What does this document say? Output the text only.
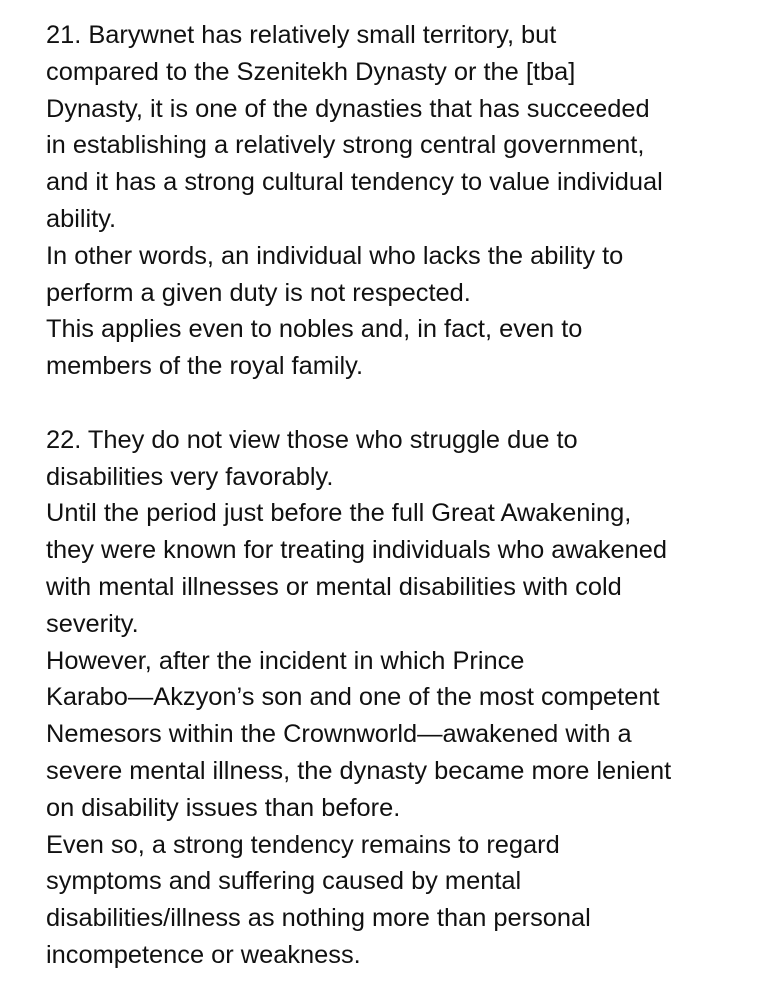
21. Barywnet has relatively small territory, but
compared to the Szenitekh Dynasty or the [tba]
Dynasty, it is one of the dynasties that has succeeded
in establishing a relatively strong central government,
and it has a strong cultural tendency to value individual
ability.
In other words, an individual who lacks the ability to
perform a given duty is not respected.
This applies even to nobles and, in fact, even to
members of the royal family.
22. They do not view those who struggle due to
disabilities very favorably.
Until the period just before the full Great Awakening,
they were known for treating individuals who awakened
with mental illnesses or mental disabilities with cold
severity.
However, after the incident in which Prince
Karabo—Akzyon’s son and one of the most competent
Nemesors within the Crownworld—awakened with a
severe mental illness, the dynasty became more lenient
on disability issues than before.
Even so, a strong tendency remains to regard
symptoms and suffering caused by mental
disabilities/illness as nothing more than personal
incompetence or weakness.
